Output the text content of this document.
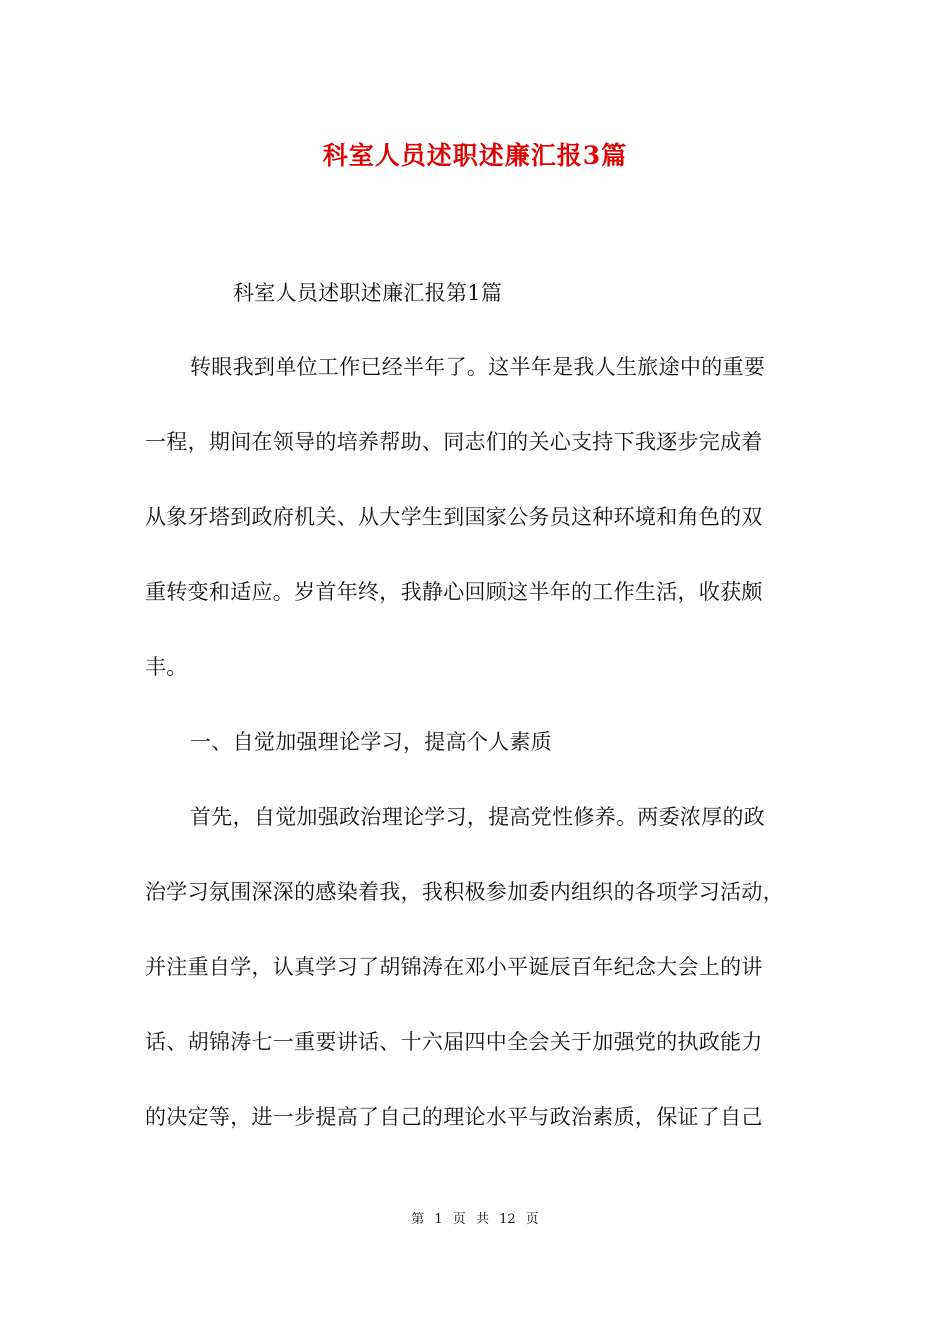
科室人员述职述廉汇报3篇
科室人员述职述廉汇报第1篇
转眼我到单位工作已经半年了。这半年是我人生旅途中的重要
一程，期间在领导的培养帮助、同志们的关心支持下我逐步完成着
从象牙塔到政府机关、从大学生到国家公务员这种环境和角色的双
重转变和适应。岁首年终，我静心回顾这半年的工作生活，收获颇
丰。
一、自觉加强理论学习，提高个人素质
首先，自觉加强政治理论学习，提高党性修养。两委浓厚的政
治学习氛围深深的感染着我，我积极参加委内组织的各项学习活动，
并注重自学，认真学习了胡锦涛在邓小平诞辰百年纪念大会上的讲
话、胡锦涛七一重要讲话、十六届四中全会关于加强党的执政能力
的决定等，进一步提高了自己的理论水平与政治素质，保证了自己
第 1 页 共 12 页
